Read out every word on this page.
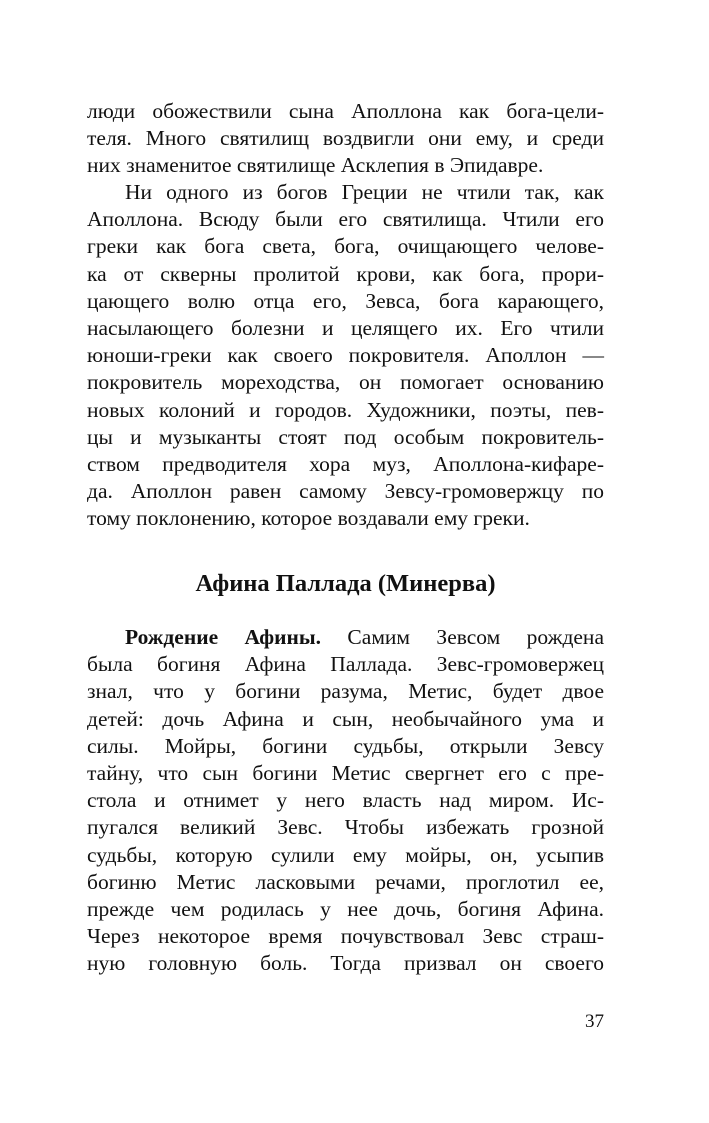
люди обожествили сына Аполлона как бога-цели-
теля. Много святилищ воздвигли они ему, и среди
них знаменитое святилище Асклепия в Эпидавре.
Ни одного из богов Греции не чтили так, как
Аполлона. Всюду были его святилища. Чтили его
греки как бога света, бога, очищающего челове-
ка от скверны пролитой крови, как бога, прори-
цающего волю отца его, Зевса, бога карающего,
насылающего болезни и целящего их. Его чтили
юноши-греки как своего покровителя. Аполлон —
покровитель мореходства, он помогает основанию
новых колоний и городов. Художники, поэты, пев-
цы и музыканты стоят под особым покровитель-
ством предводителя хора муз, Аполлона-кифаре-
да. Аполлон равен самому Зевсу-громовержцу по
тому поклонению, которое воздавали ему греки.
Афина Паллада (Минерва)
Рождение Афины. Самим Зевсом рождена
была богиня Афина Паллада. Зевс-громовержец
знал, что у богини разума, Метис, будет двое
детей: дочь Афина и сын, необычайного ума и
силы. Мойры, богини судьбы, открыли Зевсу
тайну, что сын богини Метис свергнет его с пре-
стола и отнимет у него власть над миром. Ис-
пугался великий Зевс. Чтобы избежать грозной
судьбы, которую сулили ему мойры, он, усыпив
богиню Метис ласковыми речами, проглотил ее,
прежде чем родилась у нее дочь, богиня Афина.
Через некоторое время почувствовал Зевс страш-
ную головную боль. Тогда призвал он своего
37
